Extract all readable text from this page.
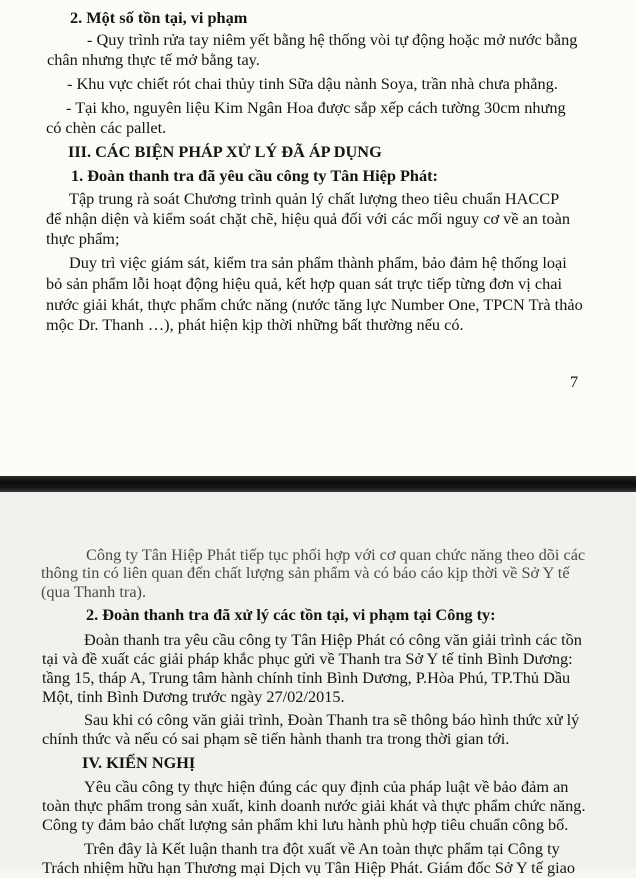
2. Một số tồn tại, vi phạm
- Quy trình rửa tay niêm yết bằng hệ thống vòi tự động hoặc mở nước bằng
chân nhưng thực tế mở bằng tay.
- Khu vực chiết rót chai thủy tinh Sữa dậu nành Soya, trần nhà chưa phẳng.
- Tại kho, nguyên liệu Kim Ngân Hoa được sắp xếp cách tường 30cm nhưng
có chèn các pallet.
III. CÁC BIỆN PHÁP XỬ LÝ ĐÃ ÁP DỤNG
1. Đoàn thanh tra đã yêu cầu công ty Tân Hiệp Phát:
Tập trung rà soát Chương trình quản lý chất lượng theo tiêu chuẩn HACCP
để nhận diện và kiểm soát chặt chẽ, hiệu quả đối với các mối nguy cơ về an toàn
thực phẩm;
Duy trì việc giám sát, kiểm tra sản phẩm thành phẩm, bảo đảm hệ thống loại
bỏ sản phẩm lỗi hoạt động hiệu quả, kết hợp quan sát trực tiếp từng đơn vị chai
nước giải khát, thực phẩm chức năng (nước tăng lực Number One, TPCN Trà thảo
mộc Dr. Thanh …), phát hiện kịp thời những bất thường nếu có.
7
Công ty Tân Hiệp Phát tiếp tục phối hợp với cơ quan chức năng theo dõi các
thông tin có liên quan đến chất lượng sản phẩm và có báo cáo kịp thời về Sở Y tế
(qua Thanh tra).
2. Đoàn thanh tra đã xử lý các tồn tại, vi phạm tại Công ty:
Đoàn thanh tra yêu cầu công ty Tân Hiệp Phát có công văn giải trình các tồn
tại và đề xuất các giải pháp khắc phục gửi về Thanh tra Sở Y tế tỉnh Bình Dương:
tầng 15, tháp A, Trung tâm hành chính tỉnh Bình Dương, P.Hòa Phú, TP.Thủ Dầu
Một, tỉnh Bình Dương trước ngày 27/02/2015.
Sau khi có công văn giải trình, Đoàn Thanh tra sẽ thông báo hình thức xử lý
chính thức và nếu có sai phạm sẽ tiến hành thanh tra trong thời gian tới.
IV. KIẾN NGHỊ
Yêu cầu công ty thực hiện đúng các quy định của pháp luật về bảo đảm an
toàn thực phẩm trong sản xuất, kinh doanh nước giải khát và thực phẩm chức năng.
Công ty đảm bảo chất lượng sản phẩm khi lưu hành phù hợp tiêu chuẩn công bố.
Trên đây là Kết luận thanh tra đột xuất về An toàn thực phẩm tại Công ty
Trách nhiệm hữu hạn Thương mại Dịch vụ Tân Hiệp Phát. Giám đốc Sở Y tế giao
